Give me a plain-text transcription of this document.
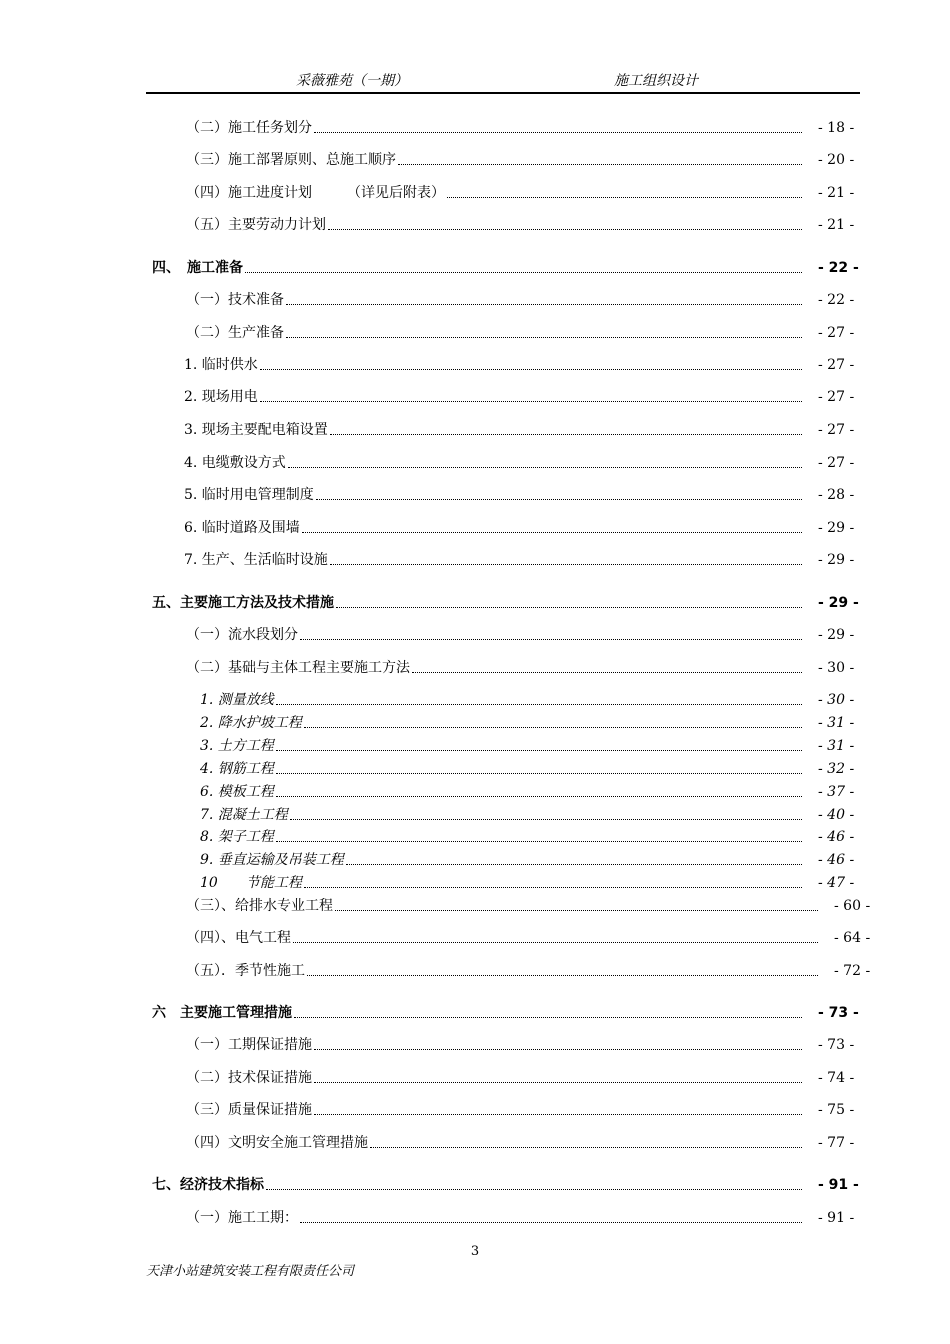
采薇雅苑（一期）	施工组织设计
（二）施工任务划分	- 18 -
（三）施工部署原则、总施工顺序	- 20 -
（四）施工进度计划　　　（详见后附表）	- 21 -
（五）主要劳动力计划	- 21 -
四、　施工准备	- 22 -
（一）技术准备	- 22 -
（二）生产准备	- 27 -
1. 临时供水	- 27 -
2. 现场用电	- 27 -
3. 现场主要配电箱设置	- 27 -
4. 电缆敷设方式	- 27 -
5. 临时用电管理制度	- 28 -
6. 临时道路及围墙	- 29 -
7. 生产、生活临时设施	- 29 -
五、主要施工方法及技术措施	- 29 -
（一）流水段划分	- 29 -
（二）基础与主体工程主要施工方法	- 30 -
1. 测量放线	- 30 -
2. 降水护坡工程	- 31 -
3. 土方工程	- 31 -
4. 钢筋工程	- 32 -
6. 模板工程	- 37 -
7. 混凝土工程	- 40 -
8. 架子工程	- 46 -
9. 垂直运输及吊装工程	- 46 -
10　　节能工程	- 47 -
（三）、给排水专业工程	- 60 -
（四）、电气工程	- 64 -
（五）．季节性施工	- 72 -
六　主要施工管理措施	- 73 -
（一）工期保证措施	- 73 -
（二）技术保证措施	- 74 -
（三）质量保证措施	- 75 -
（四）文明安全施工管理措施	- 77 -
七、经济技术指标	- 91 -
（一）施工工期：	- 91 -
3
天津小站建筑安装工程有限责任公司
